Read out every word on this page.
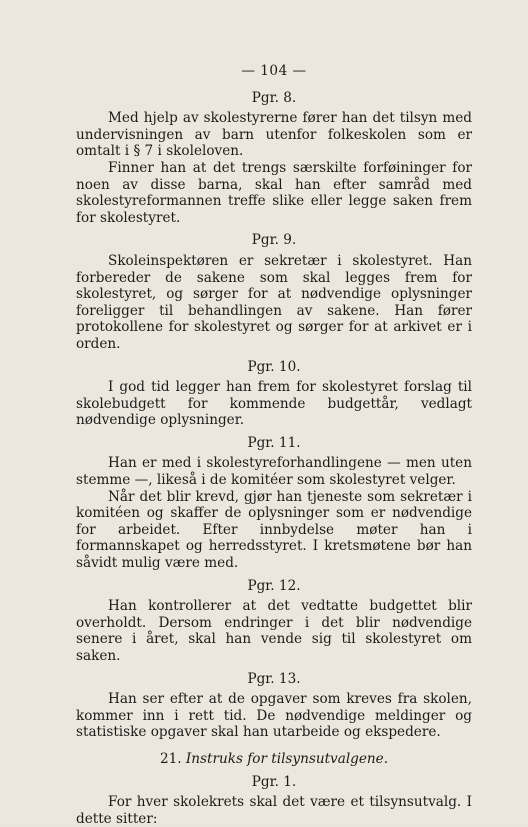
— 104 —
Pgr. 8.

Med hjelp av skolestyrerne fører han det tilsyn med undervisningen av barn utenfor folkeskolen som er omtalt i § 7 i skoleloven.

Finner han at det trengs særskilte forføininger for noen av disse barna, skal han efter samråd med skolestyreformannen treffe slike eller legge saken frem for skolestyret.

Pgr. 9.

Skoleinspektøren er sekretær i skolestyret. Han forbereder de sakene som skal legges frem for skolestyret, og sørger for at nødvendige oplysninger foreligger til behandlingen av sakene. Han fører protokollene for skolestyret og sørger for at arkivet er i orden.

Pgr. 10.

I god tid legger han frem for skolestyret forslag til skolebudgett for kommende budgettår, vedlagt nødvendige oplysninger.

Pgr. 11.

Han er med i skolestyreforhandlingene — men uten stemme —, likeså i de komitéer som skolestyret velger.

Når det blir krevd, gjør han tjeneste som sekretær i komitéen og skaffer de oplysninger som er nødvendige for arbeidet. Efter innbydelse møter han i formannskapet og herredsstyret. I kretsmøtene bør han såvidt mulig være med.

Pgr. 12.

Han kontrollerer at det vedtatte budgettet blir overholdt. Dersom endringer i det blir nødvendige senere i året, skal han vende sig til skolestyret om saken.

Pgr. 13.

Han ser efter at de opgaver som kreves fra skolen, kommer inn i rett tid. De nødvendige meldinger og statistiske opgaver skal han utarbeide og ekspedere.

21. Instruks for tilsynsutvalgene.
Pgr. 1.

For hver skolekrets skal det være et tilsynsutvalg. I dette sitter:
